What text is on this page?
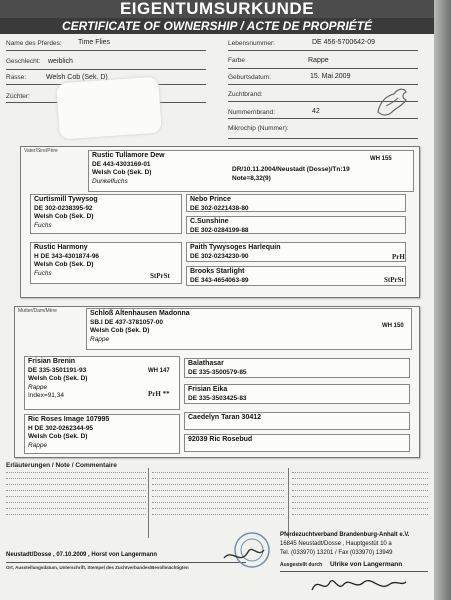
EIGENTUMSURKUNDE
CERTIFICATE OF OWNERSHIP / ACTE DE PROPRIÉTÉ
Name des Pferdes: Time Flies
Geschlecht: weiblich
Rasse:	Welsh Cob (Sek. D)
Züchter:
Lebensnummer:	DE 456-5700642-09
Farbe	Rappe
Geburtsdatum:	15. Mai 2009
Zuchtbrand:
Nummernbrand:	42
Mikrochip (Nummer):
Vater/Sire/Père
Rustic Tullamore Dew
DE 443-4303169-01
Welsh Cob (Sek. D)
Dunkelfuchs
DR/10.11.2004/Neustadt (Dosse)/Tn:19
Note=8,32(9)
WH 155
Curtismill Tywysog
DE 302-0238395-92
Welsh Cob (Sek. D)
Fuchs
Nebo Prince
DE 302-0221438-80
C.Sunshine
DE 302-0284199-88
Rustic Harmony
H DE 343-4301874-96
Welsh Cob (Sek. D)
Fuchs	StPrSt
Paith Tywysoges Harlequin
DE 302-0234230-90	PrH
Brooks Starlight
DE 343-4654063-89	StPrSt
Mutter/Dam/Mère	Schloß Altenhausen Madonna
SB.I DE 437-3781057-00
Welsh Cob (Sek. D)
Rappe
WH 150
Frisian Brenin
DE 335-3501191-93
Welsh Cob (Sek. D)
Rappe
Index=91,34
WH 147
PrH **
Balathasar
DE 335-3500579-85
Frisian Eika
DE 335-3503425-83
Ric Roses Image 107995
H DE 302-0262344-95
Welsh Cob (Sek. D)
Rappe
Caedelyn Taran 30412
92039 Ric Rosebud
Erläuterungen / Note / Commentaire
Neustadt/Dosse , 07.10.2009 , Horst von Langermann
Ort, Ausstellungsdatum, Unterschrift, Stempel des Zuchtverbandes/Bevollmächtigten
Pferdezuchtverband Brandenburg-Anhalt e.V.
16845 Neustadt/Dosse , Hauptgestüt 10 a
Tel. (033970) 13201 / Fax (033970) 13949
Ausgestellt durch Ulrike von Langermann
